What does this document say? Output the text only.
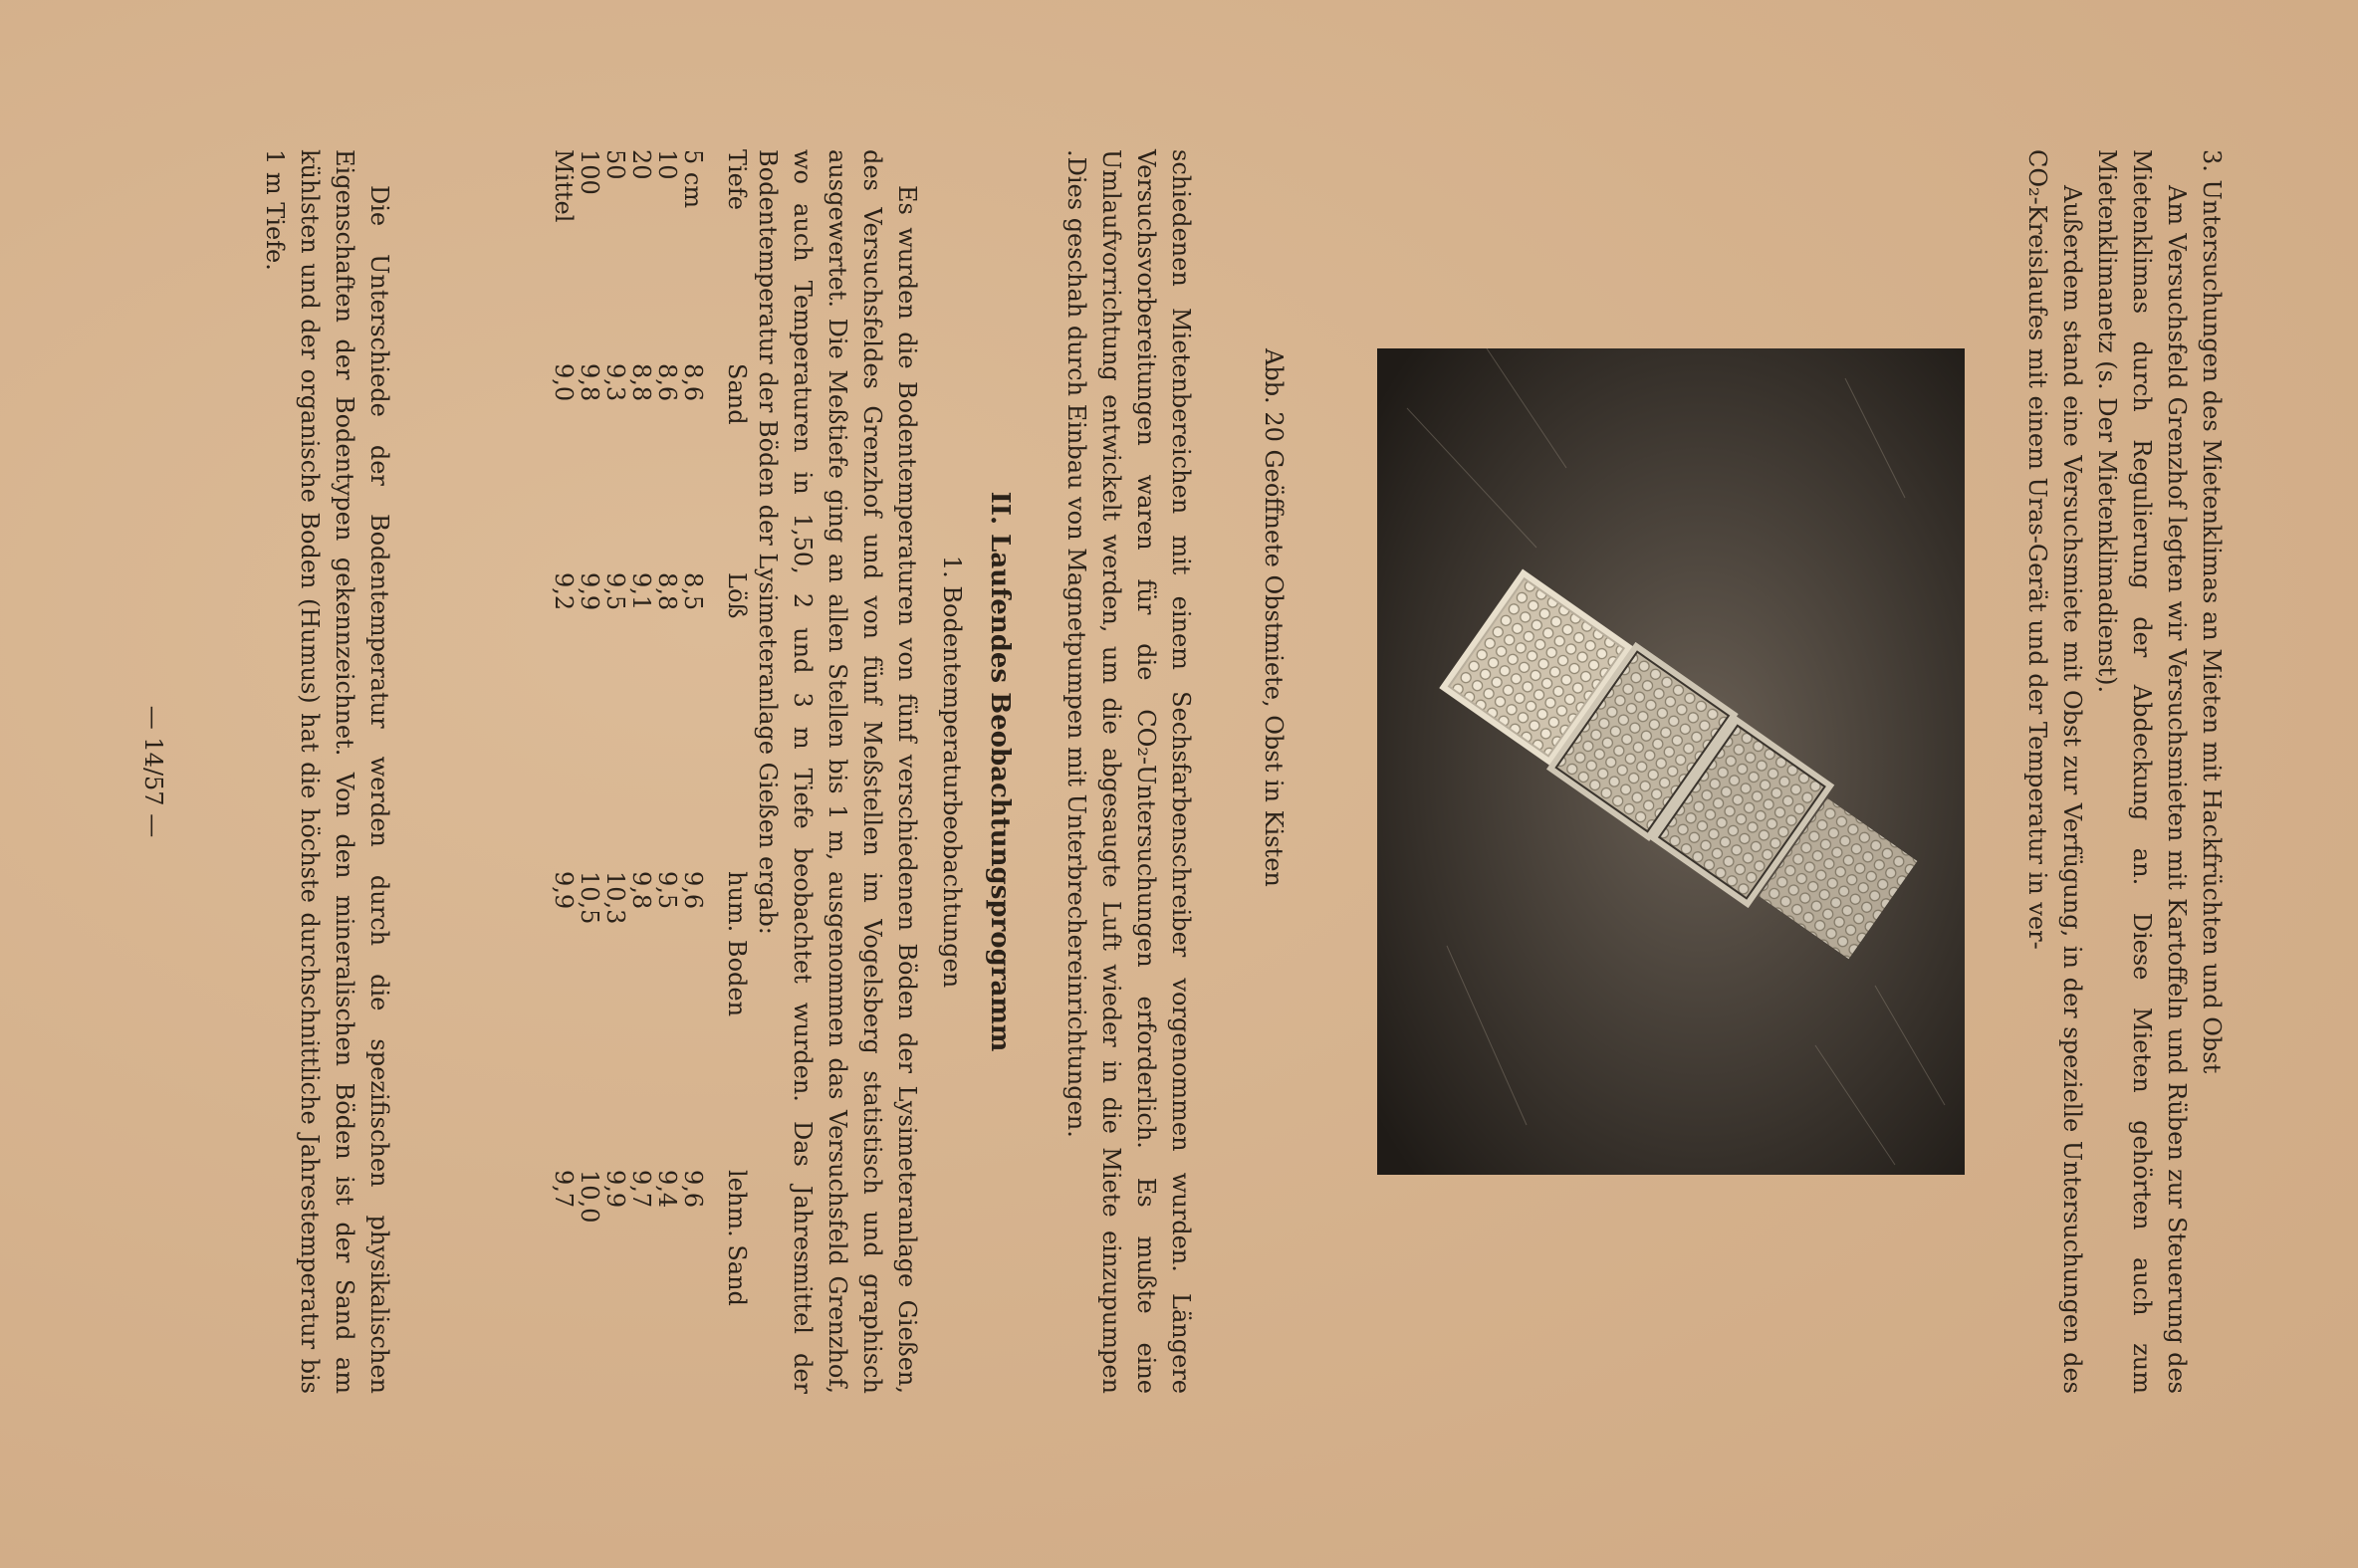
3. Untersuchungen des Mietenklimas an Mieten mit Hackfrüchten und Obst

Am Versuchsfeld Grenzhof legten wir Versuchsmieten mit Kartoffeln und Rüben zur Steuerung des Mietenklimas durch Regulierung der Abdeckung an. Diese Mieten gehörten auch zum Mietenklimanetz (s. Der Mietenklimadienst).

Außerdem stand eine Versuchsmiete mit Obst zur Verfügung, in der spezielle Untersuchungen des CO₂-Kreislaufes mit einem Uras-Gerät und der Temperatur in ver-

Abb. 20 Geöffnete Obstmiete, Obst in Kisten

schiedenen Mietenbereichen mit einem Sechsfarbenschreiber vorgenommen wurden. Längere Versuchsvorbereitungen waren für die CO₂-Untersuchungen erforderlich. Es mußte eine Umlaufvorrichtung entwickelt werden, um die abgesaugte Luft wieder in die Miete einzupumpen .Dies geschah durch Einbau von Magnetpumpen mit Unterbrechereinrichtungen.

II. Laufendes Beobachtungsprogramm
1. Bodentemperaturbeobachtungen

Es wurden die Bodentemperaturen von fünf verschiedenen Böden der Lysimeteranlage Gießen, des Versuchsfeldes Grenzhof und von fünf Meßstellen im Vogelsberg statistisch und graphisch ausgewertet. Die Meßtiefe ging an allen Stellen bis 1 m, ausgenommen das Versuchsfeld Grenzhof, wo auch Temperaturen in 1,50, 2 und 3 m Tiefe beobachtet wurden. Das Jahresmittel der Bodentemperatur der Böden der Lysimeteranlage Gießen ergab:

Tiefe	Sand	Löß	hum. Boden	lehm. Sand
5 cm	8,6	8,5	9,6	9,6
10	8,6	8,8	9,5	9,4
20	8,8	9,1	9,8	9,7
50	9,3	9,5	10,3	9,9
100	9,8	9,9	10,5	10,0
Mittel	9,0	9,2	9,9	9,7

Die Unterschiede der Bodentemperatur werden durch die spezifischen physikalischen Eigenschaften der Bodentypen gekennzeichnet. Von den mineralischen Böden ist der Sand am kühlsten und der organische Boden (Humus) hat die höchste durchschnittliche Jahrestemperatur bis 1 m Tiefe.

— 14/57 —
